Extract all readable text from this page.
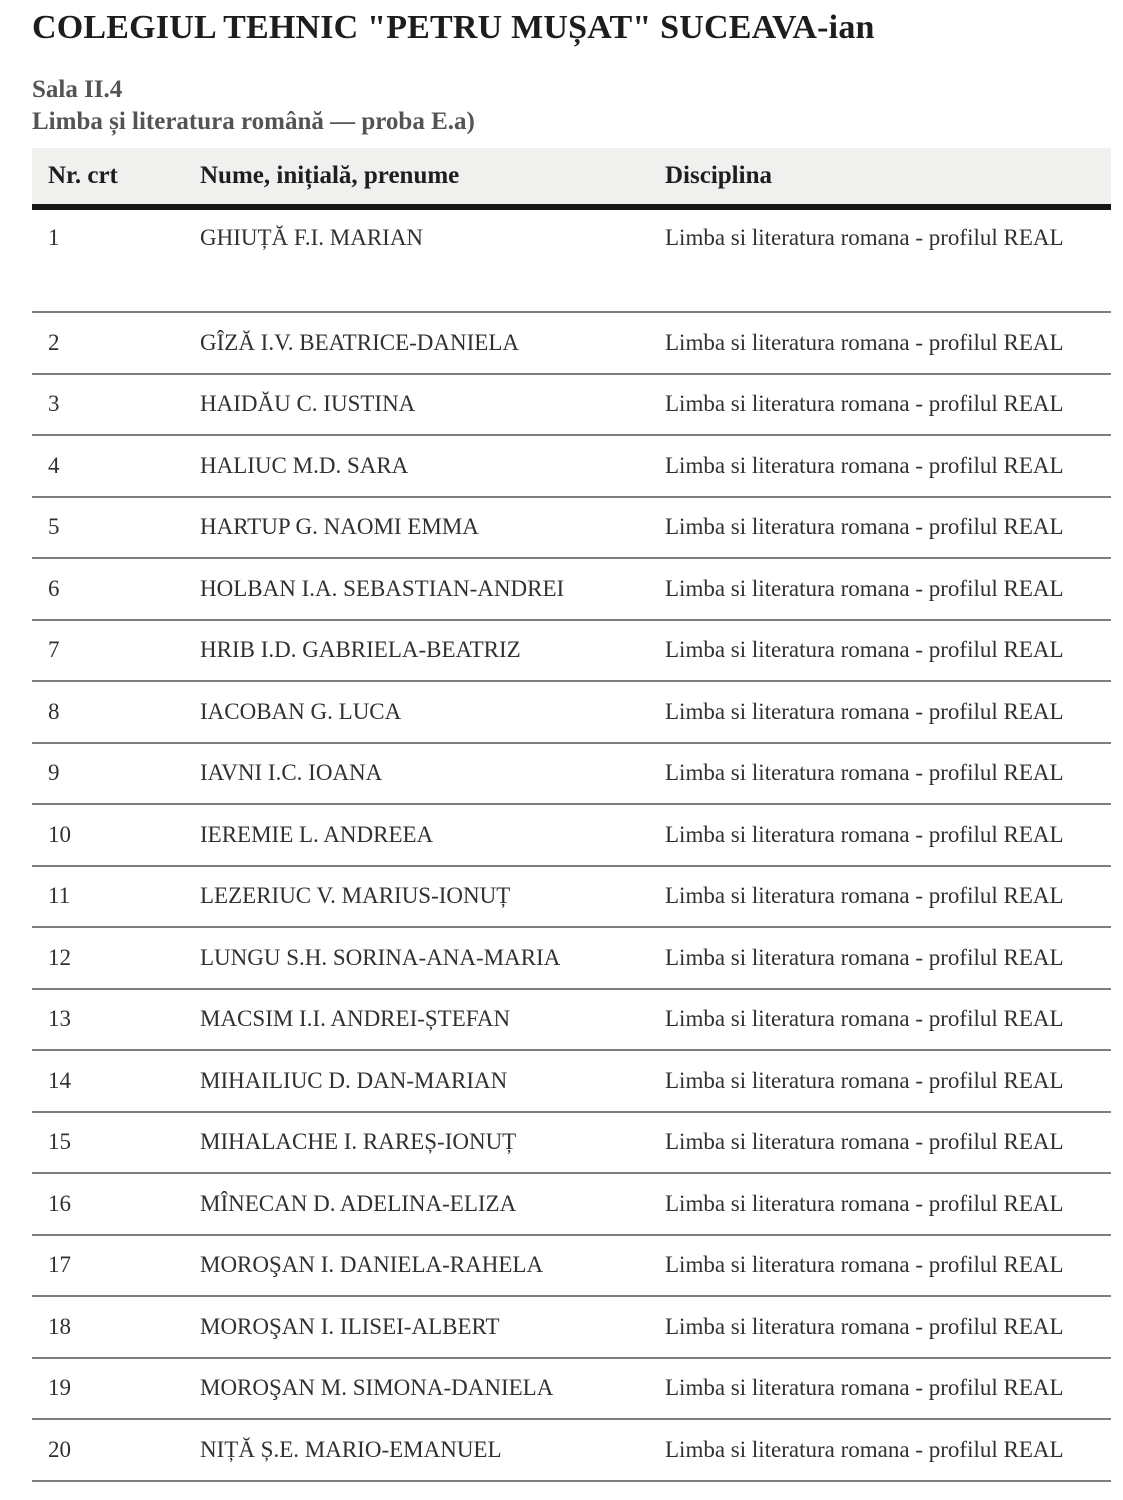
COLEGIUL TEHNIC "PETRU MUȘAT" SUCEAVA-ian
Sala II.4
Limba și literatura română — proba E.a)
Nr. crt	Nume, inițială, prenume	Disciplina
1	GHIUȚĂ F.I. MARIAN	Limba si literatura romana - profilul REAL
2	GÎZĂ I.V. BEATRICE-DANIELA	Limba si literatura romana - profilul REAL
3	HAIDĂU C. IUSTINA	Limba si literatura romana - profilul REAL
4	HALIUC M.D. SARA	Limba si literatura romana - profilul REAL
5	HARTUP G. NAOMI EMMA	Limba si literatura romana - profilul REAL
6	HOLBAN I.A. SEBASTIAN-ANDREI	Limba si literatura romana - profilul REAL
7	HRIB I.D. GABRIELA-BEATRIZ	Limba si literatura romana - profilul REAL
8	IACOBAN G. LUCA	Limba si literatura romana - profilul REAL
9	IAVNI I.C. IOANA	Limba si literatura romana - profilul REAL
10	IEREMIE L. ANDREEA	Limba si literatura romana - profilul REAL
11	LEZERIUC V. MARIUS-IONUȚ	Limba si literatura romana - profilul REAL
12	LUNGU S.H. SORINA-ANA-MARIA	Limba si literatura romana - profilul REAL
13	MACSIM I.I. ANDREI-ȘTEFAN	Limba si literatura romana - profilul REAL
14	MIHAILIUC D. DAN-MARIAN	Limba si literatura romana - profilul REAL
15	MIHALACHE I. RAREȘ-IONUȚ	Limba si literatura romana - profilul REAL
16	MÎNECAN D. ADELINA-ELIZA	Limba si literatura romana - profilul REAL
17	MOROŞAN I. DANIELA-RAHELA	Limba si literatura romana - profilul REAL
18	MOROŞAN I. ILISEI-ALBERT	Limba si literatura romana - profilul REAL
19	MOROŞAN M. SIMONA-DANIELA	Limba si literatura romana - profilul REAL
20	NIȚĂ Ș.E. MARIO-EMANUEL	Limba si literatura romana - profilul REAL
